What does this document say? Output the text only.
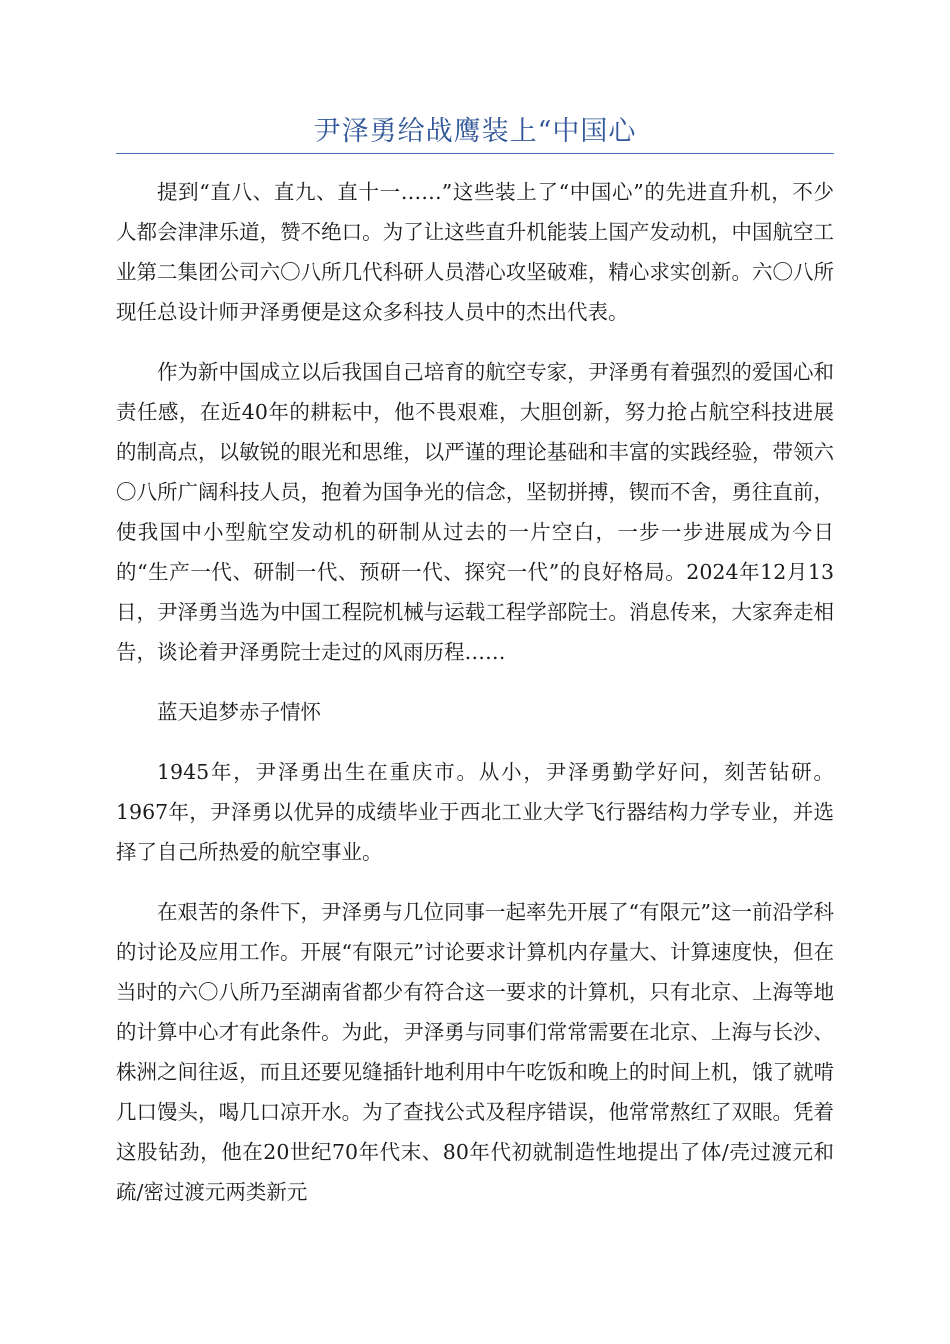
尹泽勇给战鹰装上“中国心

提到“直八、直九、直十一……”这些装上了“中国心”的先进直升机，不少人都会津津乐道，赞不绝口。为了让这些直升机能装上国产发动机，中国航空工业第二集团公司六〇八所几代科研人员潜心攻坚破难，精心求实创新。六〇八所现任总设计师尹泽勇便是这众多科技人员中的杰出代表。

作为新中国成立以后我国自己培育的航空专家，尹泽勇有着强烈的爱国心和责任感，在近40年的耕耘中，他不畏艰难，大胆创新，努力抢占航空科技进展的制高点，以敏锐的眼光和思维，以严谨的理论基础和丰富的实践经验，带领六〇八所广阔科技人员，抱着为国争光的信念，坚韧拼搏，锲而不舍，勇往直前，使我国中小型航空发动机的研制从过去的一片空白，一步一步进展成为今日的“生产一代、研制一代、预研一代、探究一代”的良好格局。2024年12月13日，尹泽勇当选为中国工程院机械与运载工程学部院士。消息传来，大家奔走相告，谈论着尹泽勇院士走过的风雨历程……

蓝天追梦赤子情怀

1945年，尹泽勇出生在重庆市。从小，尹泽勇勤学好问，刻苦钻研。1967年，尹泽勇以优异的成绩毕业于西北工业大学飞行器结构力学专业，并选择了自己所热爱的航空事业。

在艰苦的条件下，尹泽勇与几位同事一起率先开展了“有限元”这一前沿学科的讨论及应用工作。开展“有限元”讨论要求计算机内存量大、计算速度快，但在当时的六〇八所乃至湖南省都少有符合这一要求的计算机，只有北京、上海等地的计算中心才有此条件。为此，尹泽勇与同事们常常需要在北京、上海与长沙、株洲之间往返，而且还要见缝插针地利用中午吃饭和晚上的时间上机，饿了就啃几口馒头，喝几口凉开水。为了查找公式及程序错误，他常常熬红了双眼。凭着这股钻劲，他在20世纪70年代末、80年代初就制造性地提出了体/壳过渡元和疏/密过渡元两类新元
